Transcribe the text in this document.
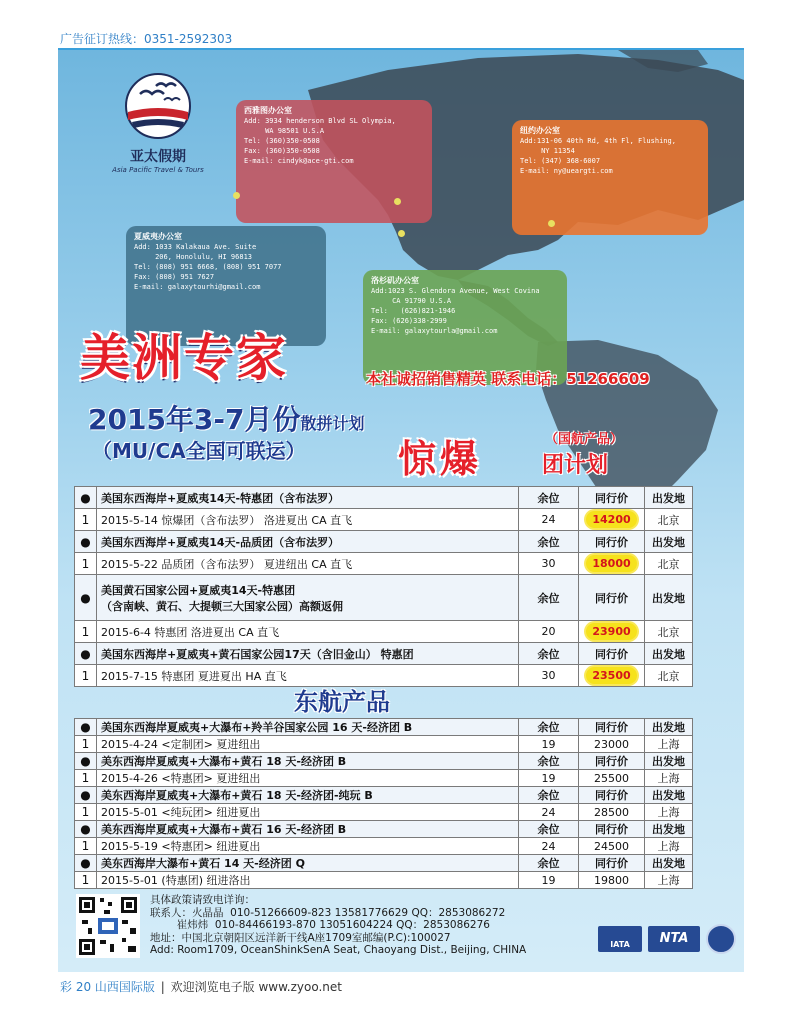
广告征订热线：0351-2592303
亚太假期
Asia Pacific Travel & Tours

西雅图办公室

Add: 3934 henderson Blvd SL Olympia,

WA 98501 U.S.A

Tel: (360)350-0508

Fax: (360)350-0508

E-mail: cindyk@ace-gti.com

纽约办公室

Add:131-06 40th Rd, 4th Fl, Flushing,

NY 11354

Tel: (347) 368-6007

E-mail: ny@ueargti.com

夏威夷办公室

Add: 1033 Kalakaua Ave. Suite

206, Honolulu, HI 96813

Tel: (808) 951 6668, (808) 951 7077

Fax: (808) 951 7627

E-mail: galaxytourhi@gmail.com

洛杉矶办公室

Add:1023 S. Glendora Avenue, West Covina

CA 91790 U.S.A

Tel:   (626)821-1946

Fax: (626)338-2999

E-mail: galaxytourla@gmail.com

美洲专家	本社诚招销售精英 联系电话：51266609
2015年3-7月份散拼计划
（MU/CA全国可联运） 惊爆	（国航产品）
团计划
●	美国东西海岸+夏威夷14天-特惠团（含布法罗）	余位	同行价	出发地
1	2015-5-14 惊爆团（含布法罗） 洛进夏出 CA 直飞	24	14200	北京
●	美国东西海岸+夏威夷14天-品质团（含布法罗）	余位	同行价	出发地
1	2015-5-22 品质团（含布法罗） 夏进纽出 CA 直飞	30	18000	北京
●	美国黄石国家公园+夏威夷14天-特惠团
（含南峡、黄石、大提顿三大国家公园）高额返佣	余位	同行价	出发地
1	2015-6-4 特惠团 洛进夏出 CA 直飞	20	23900	北京
●	美国东西海岸+夏威夷+黄石国家公园17天（含旧金山） 特惠团	余位	同行价	出发地
1	2015-7-15 特惠团 夏进夏出 HA 直飞	30	23500	北京
东航产品
●	美国东西海岸夏威夷+大瀑布+羚羊谷国家公园 16 天-经济团 B	余位	同行价	出发地
1	2015-4-24 <定制团> 夏进纽出	19	23000	上海
●	美东西海岸夏威夷+大瀑布+黄石 18 天-经济团 B	余位	同行价	出发地
1	2015-4-26 <特惠团> 夏进纽出	19	25500	上海
●	美东西海岸夏威夷+大瀑布+黄石 18 天-经济团-纯玩 B	余位	同行价	出发地
1	2015-5-01 <纯玩团> 纽进夏出	24	28500	上海
●	美东西海岸夏威夷+大瀑布+黄石 16 天-经济团 B	余位	同行价	出发地
1	2015-5-19 <特惠团> 纽进夏出	24	24500	上海
●	美东西海岸大瀑布+黄石 14 天-经济团 Q	余位	同行价	出发地
1	2015-5-01 (特惠团) 纽进洛出	19	19800	上海

具体政策请致电详询：

联系人：火晶晶  010-51266609-823 13581776629 QQ：2853086272

崔炜炜  010-84466193-870 13051604224 QQ：2853086276

地址：中国北京朝阳区远洋新干线A座1709室邮编(P.C):100027

Add: Room1709, OceanShinkSenA Seat, Chaoyang Dist., Beijing, CHINA	IATA	NTA
彩 20 山西国际版 | 欢迎浏览电子版 www.zyoo.net
